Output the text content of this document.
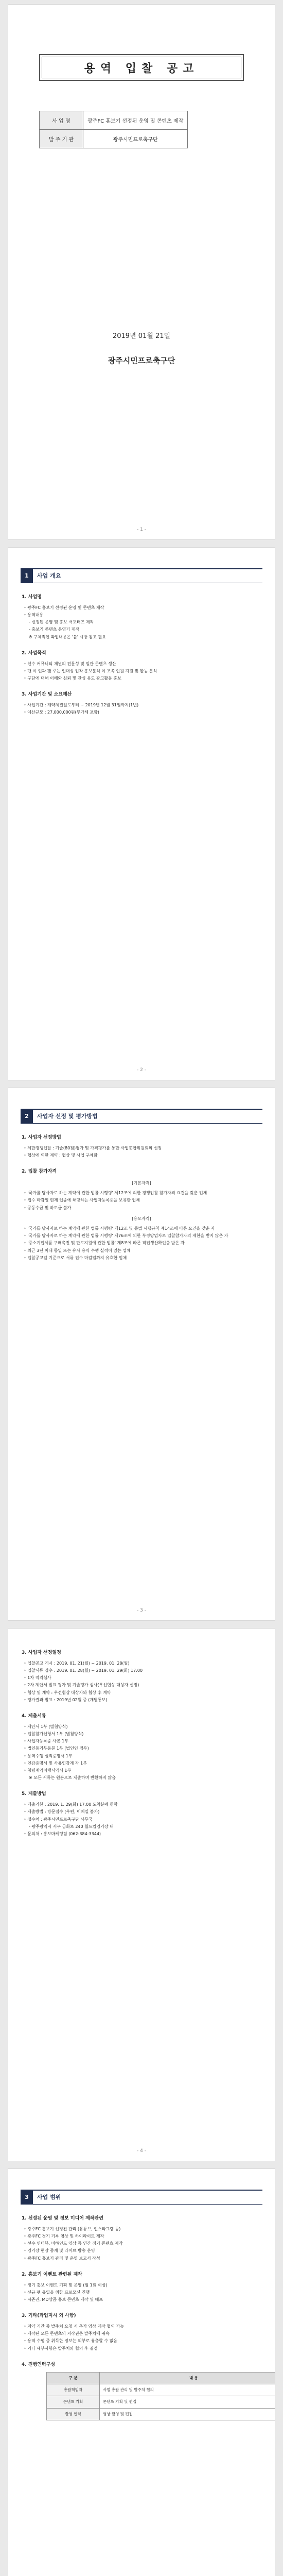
용역 입찰 공고
사 업 명	광주FC 홍보기 선정된 운영 및 콘텐츠 제작
발 주 기 관	광주시민프로축구단
2019년 01월 21일
광주시민프로축구단
- 1 -
1	사업 개요
1. 사업명
◦ 광주FC 홍보기 선정된 운영 및 콘텐츠 제작
◦ 용역내용
- 선정된 운영 및 홍보 서포터즈 제작
- 홍보기 콘텐츠 운영기 제작
※ 구체적인 과업내용은 '붙' 시방 참고 필요
2. 사업목적
◦ 선수 커뮤니티 채널의 전문성 및 일관 콘텐츠 생산
◦ 팬 이 인과 팬 주는 인대성 입착 홍보분석 이 포쪽 인원 지원 및 활동 분석
◦ 구단에 대해 이해와 신뢰 및 관심 유도 광고활동 홍보
3. 사업기간 및 소요예산
◦ 사업기간 : 계약체결일로부터 ~ 2019년 12월 31일까지(1년)
◦ 예산규모 : 27,000,000원(부가세 포함)
- 2 -
2	사업자 선정 및 평가방법
1. 사업자 선정방법
◦ 제한경쟁입찰 : 기술(80점)평가 및 가격평가를 통한 사업총합위원회의 선정
◦ 협상에 의한 계약 : 협상 및 사업 구체화
2. 입찰 참가자격
[기본자격]
◦ '국가를 당사자로 하는 계약에 관한 법률 시행령' 제12조에 의한 경쟁입찰 참가자격 요건을 갖춘 업체
◦ 접수 마감일 현재 업종에 해당하는 사업자등록증을 보유한 업체
◦ 공동수급 및 하도급 불가
[응모자격]
◦ '국가를 당사자로 하는 계약에 관한 법률 시행령' 제12조 및 동법 시행규칙 제14조에 따른 요건을 갖춘 자
◦ '국가를 당사자로 하는 계약에 관한 법률 시행령' 제76조에 의한 부정당업자로 입찰참가자격 제한을 받지 않은 자
◦ '중소기업제품 구매촉진 및 판로지원에 관한 법률' 제8조에 따른 직접생산확인을 받은 자
◦ 최근 3년 이내 동일 또는 유사 용역 수행 실적이 있는 업체
◦ 입찰공고일 기준으로 서류 접수 마감일까지 유효한 업체
- 3 -
3. 사업자 선정일정
◦ 입찰공고 게시 : 2019. 01. 21(월) ~ 2019. 01. 28(월)
◦ 입찰서류 접수 : 2019. 01. 28(월) ~ 2019. 01. 29(화) 17:00
◦ 1차 적격심사
◦ 2차 제안서 발표 평가 및 기술평가 심사(우선협상 대상자 선정)
◦ 협상 및 계약 : 우선협상 대상자와 협상 후 계약
◦ 평가결과 발표 : 2019년 02월 중 (개별통보)
4. 제출서류
◦ 제안서 1부 (별첨양식)
◦ 입찰참가신청서 1부 (별첨양식)
◦ 사업자등록증 사본 1부
◦ 법인등기부등본 1부 (법인인 경우)
◦ 용역수행 실적증명서 1부
◦ 인감증명서 및 사용인감계 각 1부
◦ 청렴계약이행서약서 1부
※ 모든 서류는 원본으로 제출하며 반환하지 않음
5. 제출방법
◦ 제출기한 : 2019. 1. 29(화) 17:00 도착분에 한함
◦ 제출방법 : 방문접수 (우편, 이메일 불가)
◦ 접수처 : 광주시민프로축구단 사무국
- 광주광역시 서구 금화로 240 월드컵경기장 내
◦ 문의처 : 홍보마케팅팀 (062-384-3344)
- 4 -
3	사업 범위
1. 선정된 운영 및 정보 미디어 제작관련
◦ 광주FC 홍보기 선정된 관리 (유튜브, 인스타그램 등)
◦ 광주FC 경기 기록 영상 및 하이라이트 제작
◦ 선수 인터뷰, 비하인드 영상 등 연간 정기 콘텐츠 제작
◦ 경기장 현장 중계 및 라이브 방송 운영
◦ 광주FC 홍보기 관리 및 운영 보고서 작성
2. 홍보기 이벤트 관련된 제작
◦ 정기 홍보 이벤트 기획 및 운영 (월 1회 이상)
◦ 신규 팬 유입을 위한 프로모션 진행
◦ 시즌권, MD상품 홍보 콘텐츠 제작 및 배포
3. 기타(과업지시 외 사항)
◦ 계약 기간 중 발주처 요청 시 추가 영상 제작 협의 가능
◦ 제작된 모든 콘텐츠의 저작권은 발주처에 귀속
◦ 용역 수행 중 취득한 정보는 외부로 유출할 수 없음
◦ 기타 세부사항은 발주처와 협의 후 결정
4. 진행인력구성
구 분	내 용
총괄책임자	사업 총괄 관리 및 발주처 협의
콘텐츠 기획	콘텐츠 기획 및 편집
촬영 인력	영상 촬영 및 편집
